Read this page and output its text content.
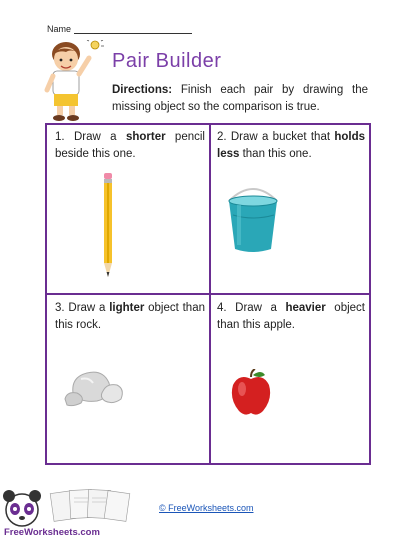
Name
Pair Builder
Directions: Finish each pair by drawing the missing object so the comparison is true.
1. Draw a shorter pencil beside this one.
2. Draw a bucket that holds less than this one.
3. Draw a lighter object than this rock.
4. Draw a heavier object than this apple.
FreeWorksheets.com
© FreeWorksheets.com
